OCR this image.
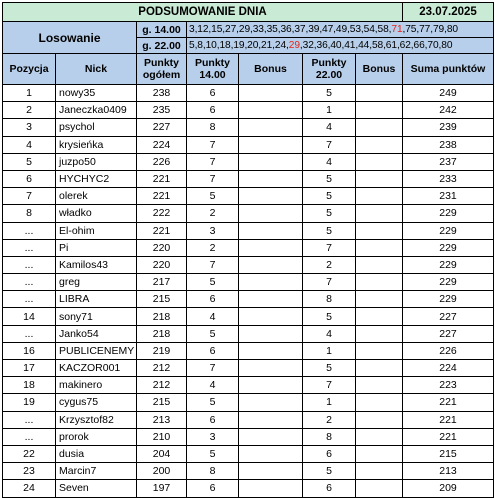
PODSUMOWANIE DNIA							23.07.2025
Losowanie		g. 14.00	3,12,15,27,29,33,35,36,37,39,47,49,53,54,58,71,75,77,79,80				
		g. 22.00	5,8,10,18,19,20,21,24,29,32,36,40,41,44,58,61,62,66,70,80				
Pozycja	Nick	Punkty ogółem	Punkty 14.00	Bonus	Punkty 22.00	Bonus	Suma punktów
1	nowy35	238	6		5		249
2	Janeczka0409	235	6		1		242
3	psychol	227	8		4		239
4	krysieńka	224	7		7		238
5	juzpo50	226	7		4		237
6	HYCHYC2	221	7		5		233
7	olerek	221	5		5		231
8	władko	222	2		5		229
...	El-ohim	221	3		5		229
...	Pi	220	2		7		229
...	Kamilos43	220	7		2		229
...	greg	217	5		7		229
...	LIBRA	215	6		8		229
14	sony71	218	4		5		227
...	Janko54	218	5		4		227
16	PUBLICENEMY	219	6		1		226
17	KACZOR001	212	7		5		224
18	makinero	212	4		7		223
19	cygus75	215	5		1		221
...	Krzysztof82	213	6		2		221
...	prorok	210	3		8		221
22	dusia	204	5		6		215
23	Marcin7	200	8		5		213
24	Seven	197	6		6		209
